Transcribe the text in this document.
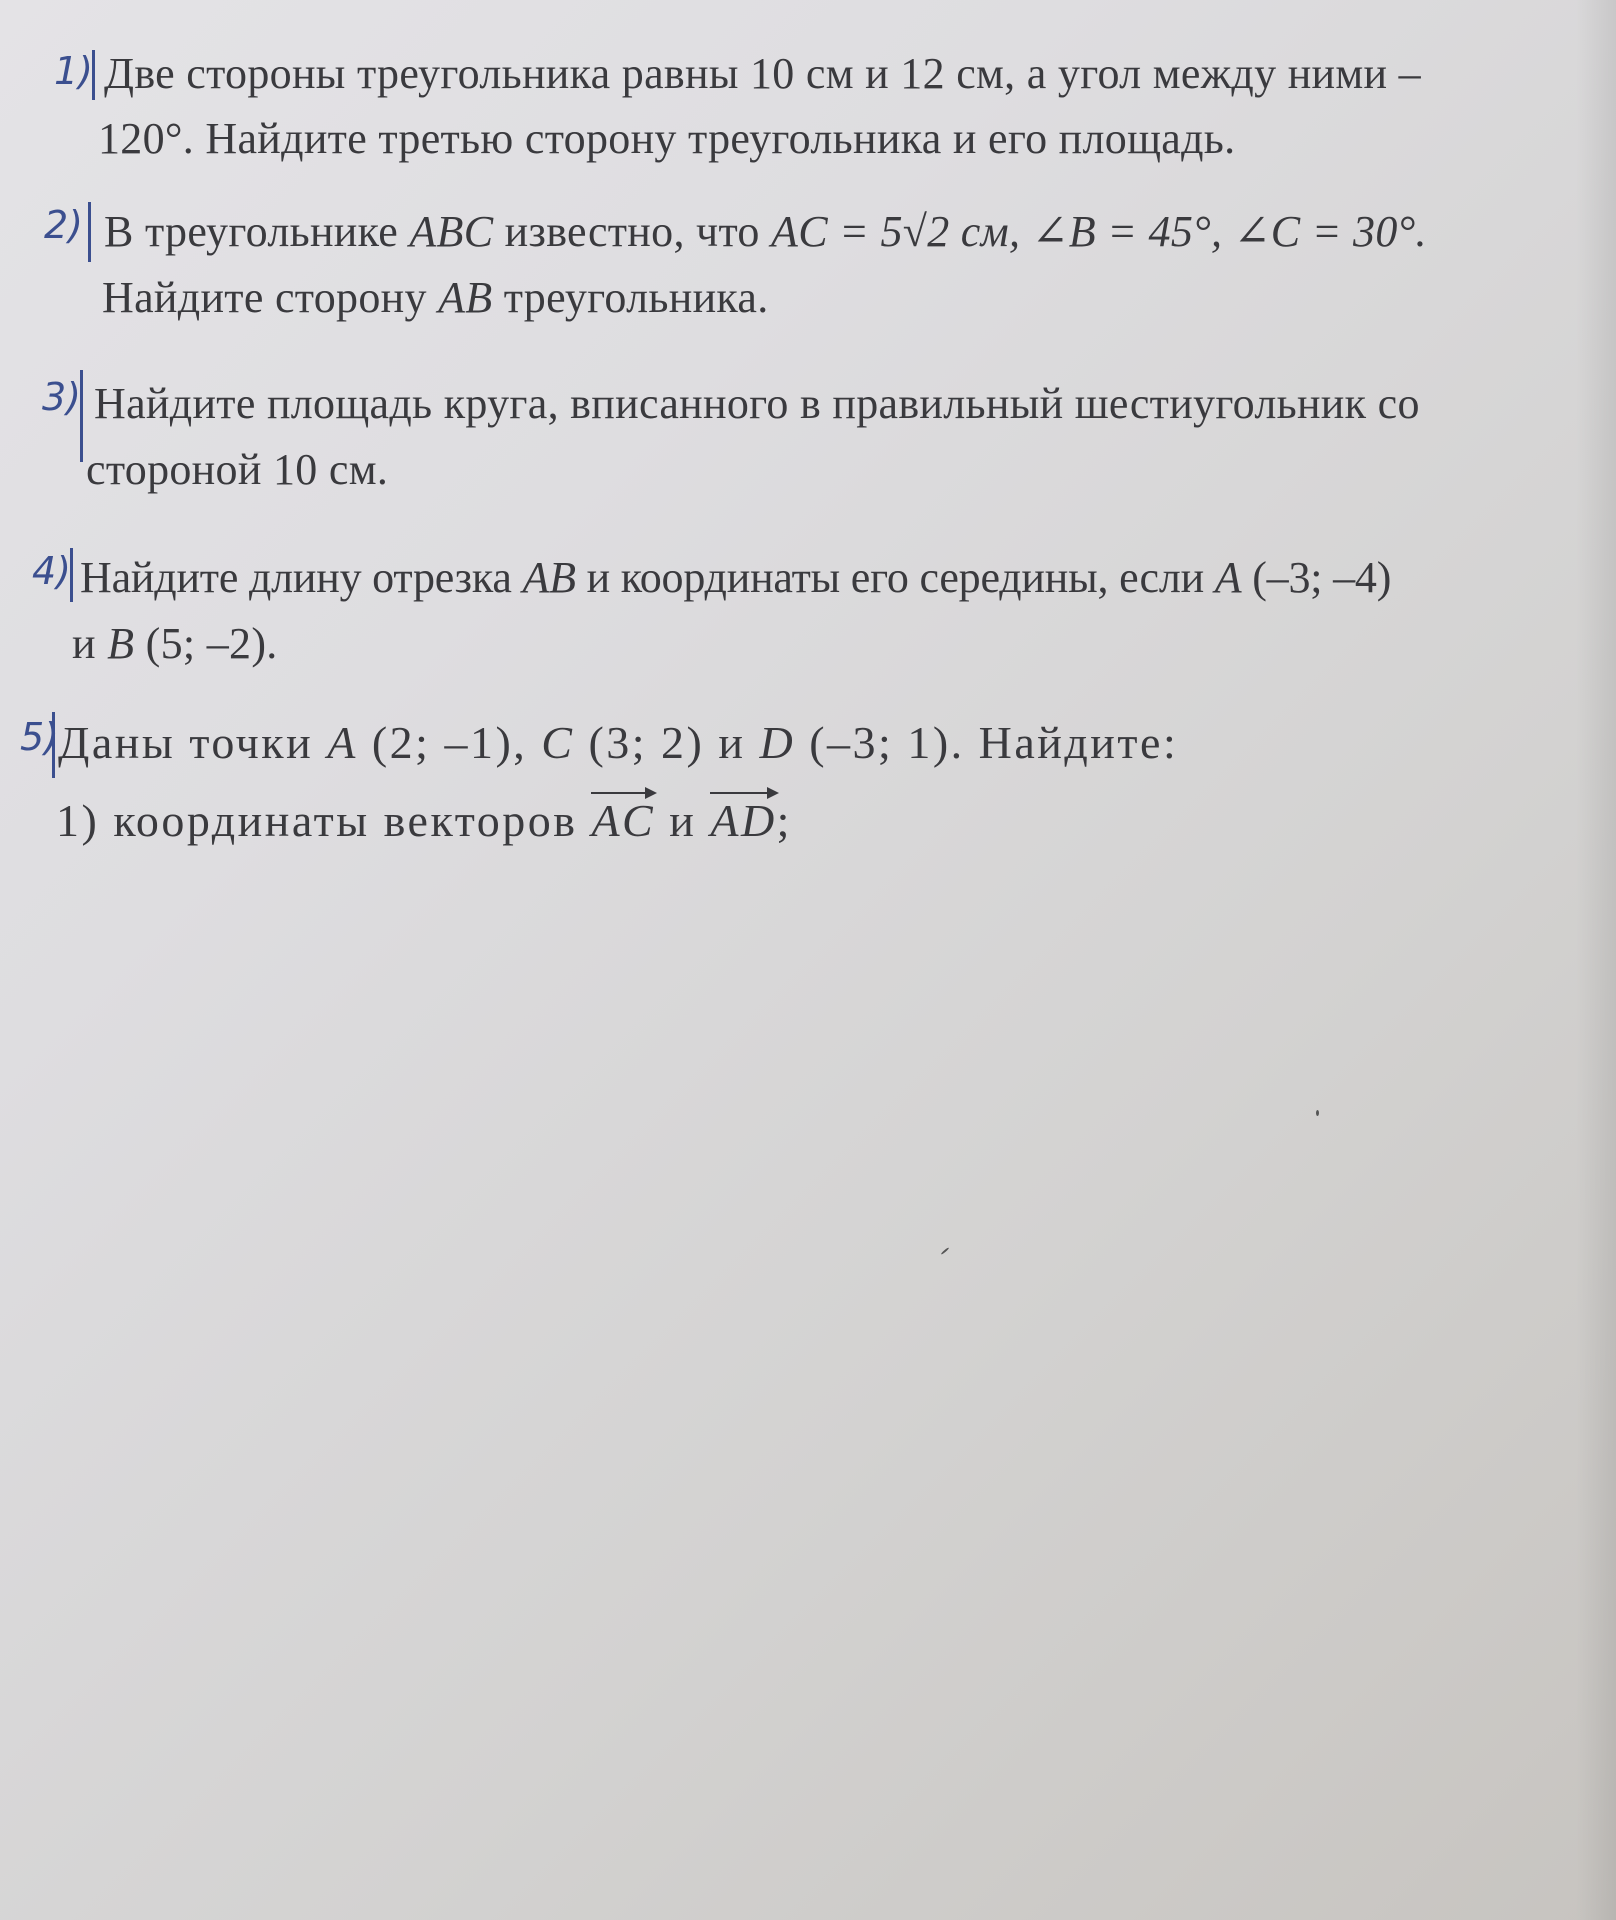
1) Две стороны треугольника равны 10 см и 12 см, а угол между ними –
120°. Найдите третью сторону треугольника и его площадь.
2) В треугольнике ABC известно, что AC = 5√2 см, ∠B = 45°, ∠C = 30°.
Найдите сторону AB треугольника.
3) Найдите площадь круга, вписанного в правильный шестиугольник со
стороной 10 см.
4) Найдите длину отрезка AB и координаты его середины, если A (–3; –4)
и B (5; –2).
5)
Даны точки A (2; –1), C (3; 2) и D (–3; 1). Найдите:
1) координаты векторов
AC и
AD;
